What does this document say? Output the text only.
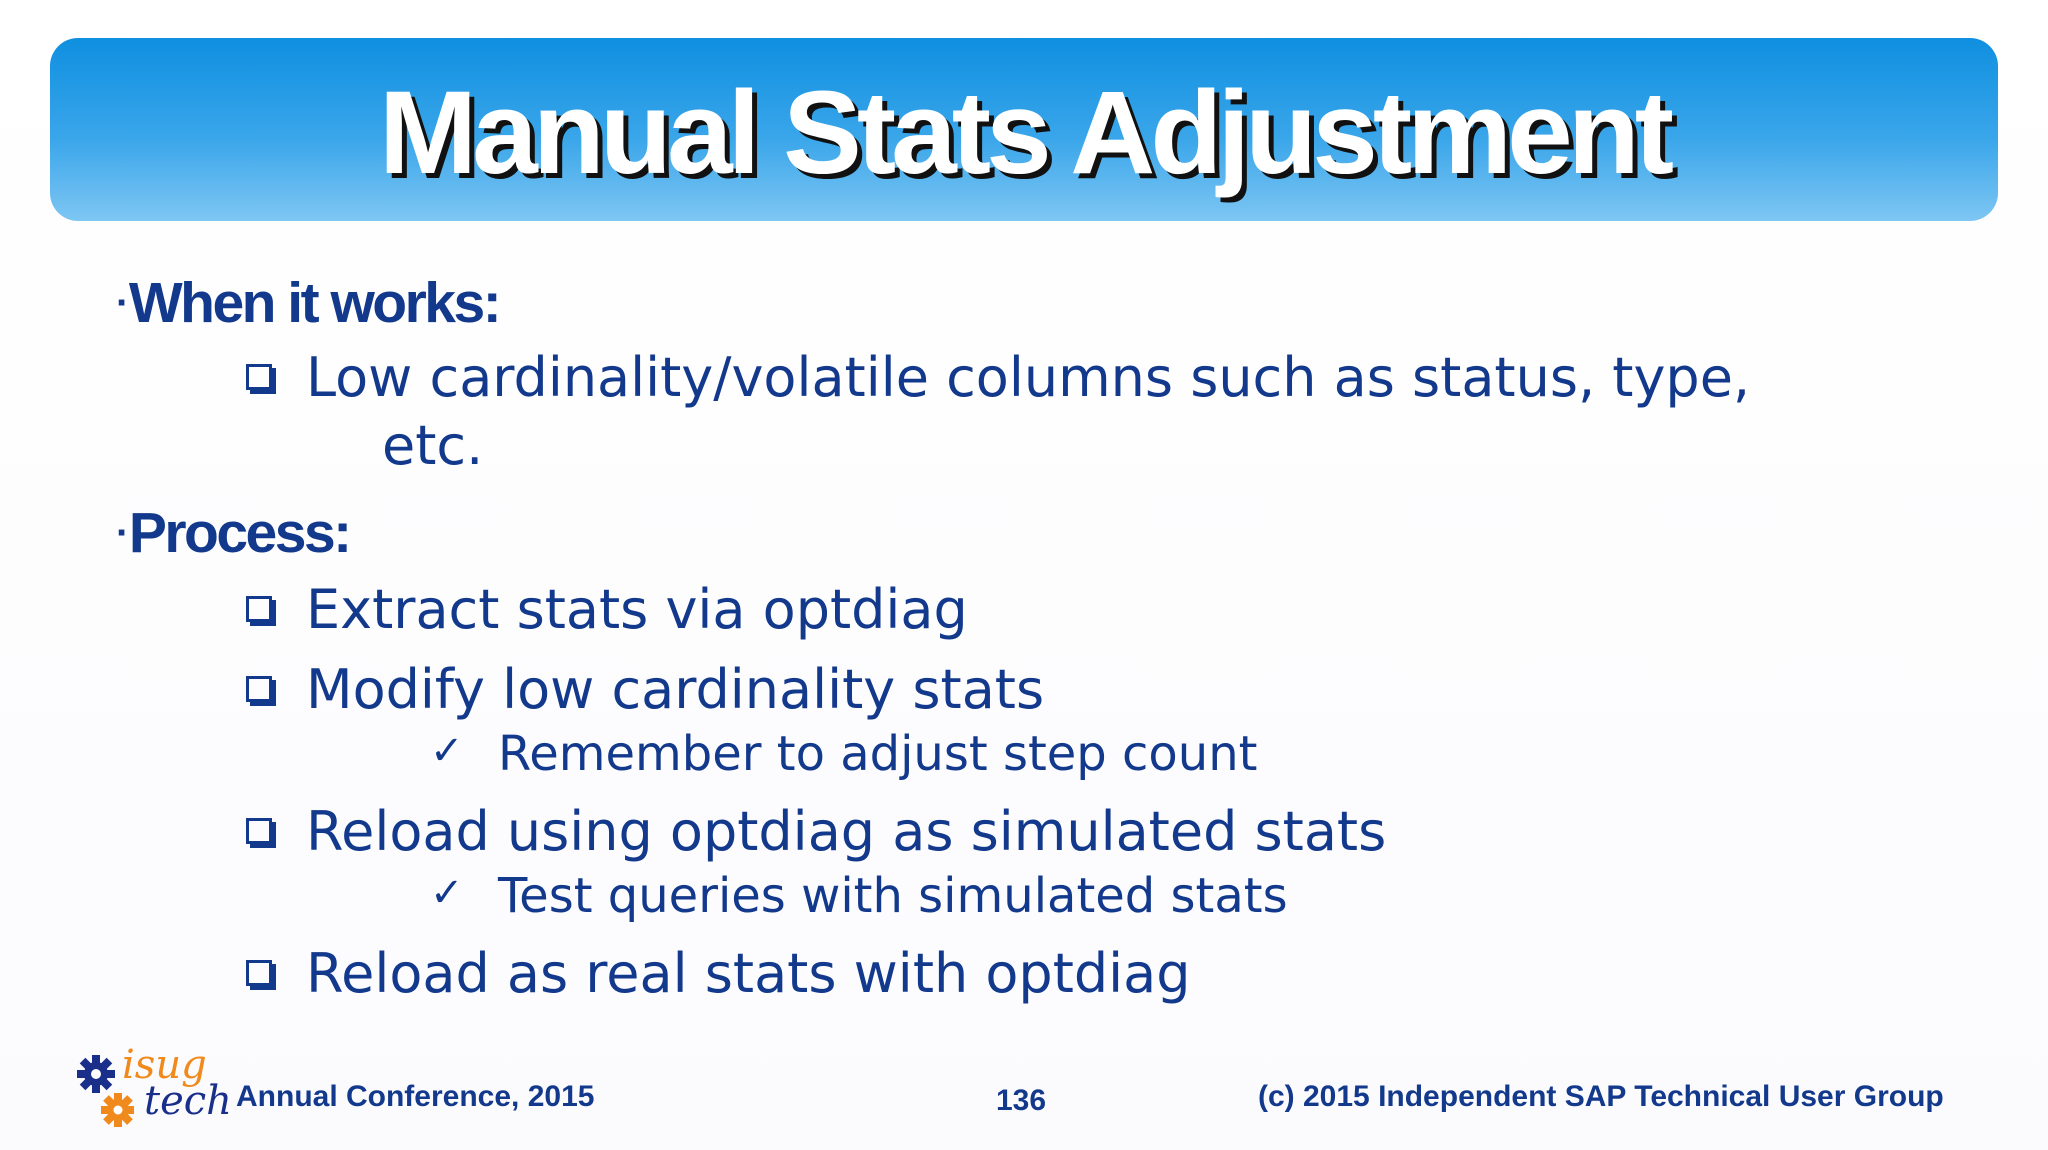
Manual Stats Adjustment
·When it works:
Low cardinality/volatile columns such as status, type,
etc.
·Process:
Extract stats via optdiag
Modify low cardinality stats
✓ Remember to adjust step count
Reload using optdiag as simulated stats
✓ Test queries with simulated stats
Reload as real stats with optdiag
isug
tech Annual Conference, 2015	136	(c) 2015 Independent SAP Technical User Group
